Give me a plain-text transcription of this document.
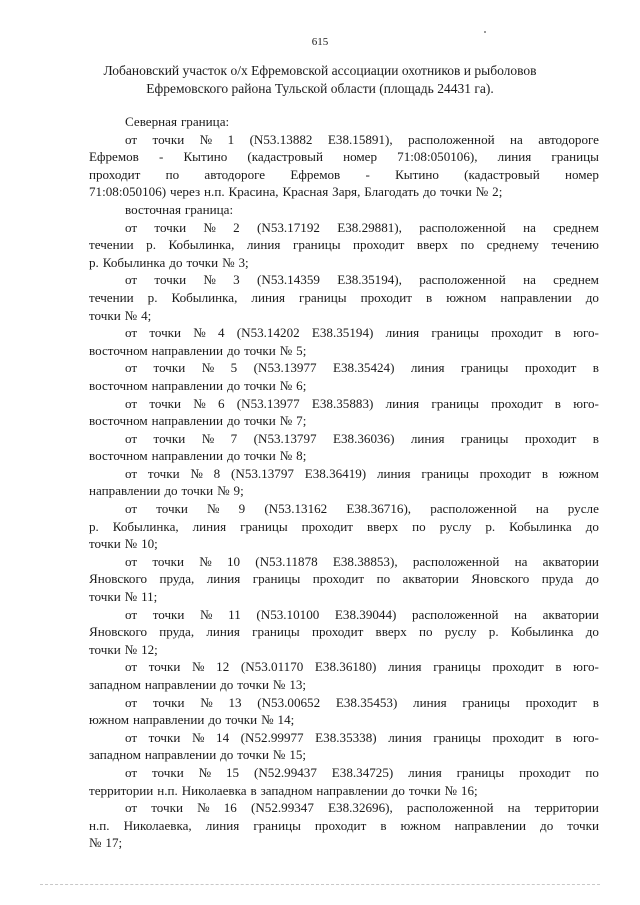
615
Лобановский участок о/х Ефремовской ассоциации охотников и рыболовов
Ефремовского района Тульской области (площадь 24431 га).
Северная граница:
от точки № 1 (N53.13882 E38.15891), расположенной на автодороге
Ефремов - Кытино (кадастровый номер 71:08:050106), линия границы
проходит по автодороге Ефремов - Кытино (кадастровый номер
71:08:050106) через н.п. Красина, Красная Заря, Благодать до точки № 2;
восточная граница:
от точки № 2 (N53.17192 E38.29881), расположенной на среднем
течении р. Кобылинка, линия границы проходит вверх по среднему течению
р. Кобылинка до точки № 3;
от точки № 3 (N53.14359 E38.35194), расположенной на среднем
течении р. Кобылинка, линия границы проходит в южном направлении до
точки № 4;
от точки № 4 (N53.14202 E38.35194) линия границы проходит в юго-
восточном направлении до точки № 5;
от точки № 5 (N53.13977 E38.35424) линия границы проходит в
восточном направлении до точки № 6;
от точки № 6 (N53.13977 E38.35883) линия границы проходит в юго-
восточном направлении до точки № 7;
от точки № 7 (N53.13797 E38.36036) линия границы проходит в
восточном направлении до точки № 8;
от точки № 8 (N53.13797 E38.36419) линия границы проходит в южном
направлении до точки № 9;
от точки № 9 (N53.13162 E38.36716), расположенной на русле
р. Кобылинка, линия границы проходит вверх по руслу р. Кобылинка до
точки № 10;
от точки № 10 (N53.11878 E38.38853), расположенной на акватории
Яновского пруда, линия границы проходит по акватории Яновского пруда до
точки № 11;
от точки № 11 (N53.10100 E38.39044) расположенной на акватории
Яновского пруда, линия границы проходит вверх по руслу р. Кобылинка до
точки № 12;
от точки № 12 (N53.01170 E38.36180) линия границы проходит в юго-
западном направлении до точки № 13;
от точки № 13 (N53.00652 E38.35453) линия границы проходит в
южном направлении до точки № 14;
от точки № 14 (N52.99977 E38.35338) линия границы проходит в юго-
западном направлении до точки № 15;
от точки № 15 (N52.99437 E38.34725) линия границы проходит по
территории н.п. Николаевка в западном направлении до точки № 16;
от точки № 16 (N52.99347 E38.32696), расположенной на территории
н.п. Николаевка, линия границы проходит в южном направлении до точки
№ 17;
